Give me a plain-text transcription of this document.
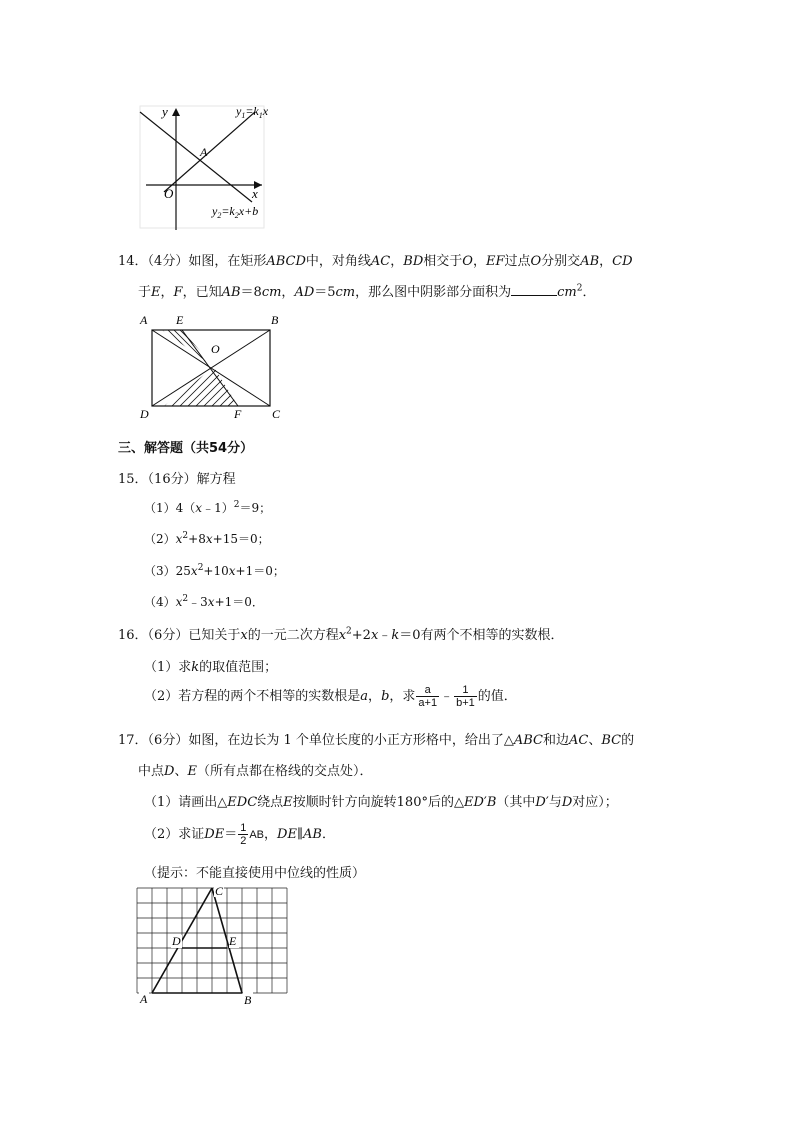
y
x
O
A
$y_1=k_1x$
$y_2=k_2x+b$
14．（4分）如图，在矩形ABCD中，对角线AC，BD相交于O，EF过点O分别交AB，CD
于E，F，已知AB＝8cm，AD＝5cm，那么图中阴影部分面积为	$cm^2$．
A E	B
O
D	F	C
三、解答题（共54分）
15．（16分）解方程
（1）4（x﹣1）$^2$＝9；
$(2)x^2+8x+15=0$；
$(3)25x^2+10x+1=0$；
$(4)x^2﹣3x+1=0$．
16．（6分）已知关于x的一元二次方程$x^2+2x﹣k=0$有两个不相等的实数根．
（1）求k的取值范围；
（2）若方程的两个不相等的实数根是a，b，求 $\frac{a}{a+1}$ ﹣ $\frac{1}{b+1}$ 的值．
17．（6分）如图，在边长为 1 个单位长度的小正方形格中，给出了△ABC和边AC、BC的
中点D、E（所有点都在格线的交点处）．
（1）请画出△EDC绕点E按顺时针方向旋转180°后的△ED′B（其中D′与D对应）；
（2）求证$DE= \frac{1}{2}$ AB，DE∥AB．
（提示：不能直接使用中位线的性质）
C
D	E
A	B
